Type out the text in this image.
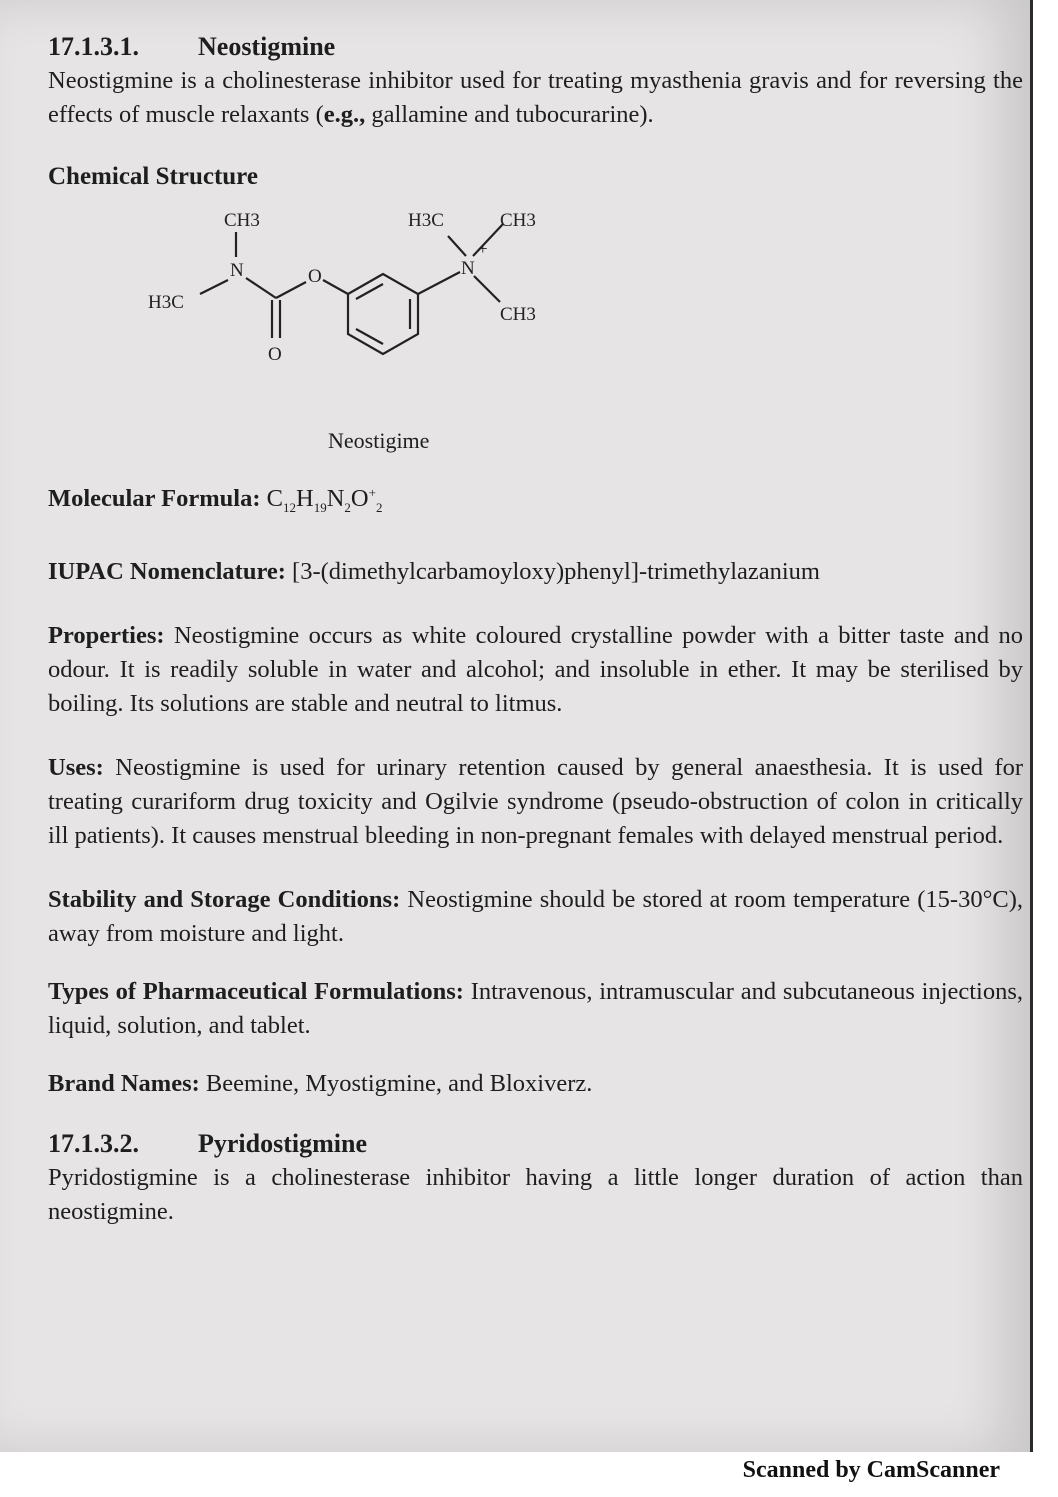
17.1.3.1. Neostigmine

Neostigmine is a cholinesterase inhibitor used for treating myasthenia gravis and for reversing the effects of muscle relaxants (e.g., gallamine and tubocurarine).

Chemical Structure
CH3
N
H3C
O
O
H3C	CH3
N
+
CH3
Neostigime

Molecular Formula: $C_{12}H_{19}N_2O^+_2$

IUPAC Nomenclature: [3-(dimethylcarbamoyloxy)phenyl]-trimethylazanium

Properties: Neostigmine occurs as white coloured crystalline powder with a bitter taste and no odour. It is readily soluble in water and alcohol; and insoluble in ether. It may be sterilised by boiling. Its solutions are stable and neutral to litmus.

Uses: Neostigmine is used for urinary retention caused by general anaesthesia. It is used for treating curariform drug toxicity and Ogilvie syndrome (pseudo-obstruction of colon in critically ill patients). It causes menstrual bleeding in non-pregnant females with delayed menstrual period.

Stability and Storage Conditions: Neostigmine should be stored at room temperature (15-30°C), away from moisture and light.

Types of Pharmaceutical Formulations: Intravenous, intramuscular and subcutaneous injections, liquid, solution, and tablet.

Brand Names: Beemine, Myostigmine, and Bloxiverz.

17.1.3.2. Pyridostigmine

Pyridostigmine is a cholinesterase inhibitor having a little longer duration of action than neostigmine.

Scanned by CamScanner
